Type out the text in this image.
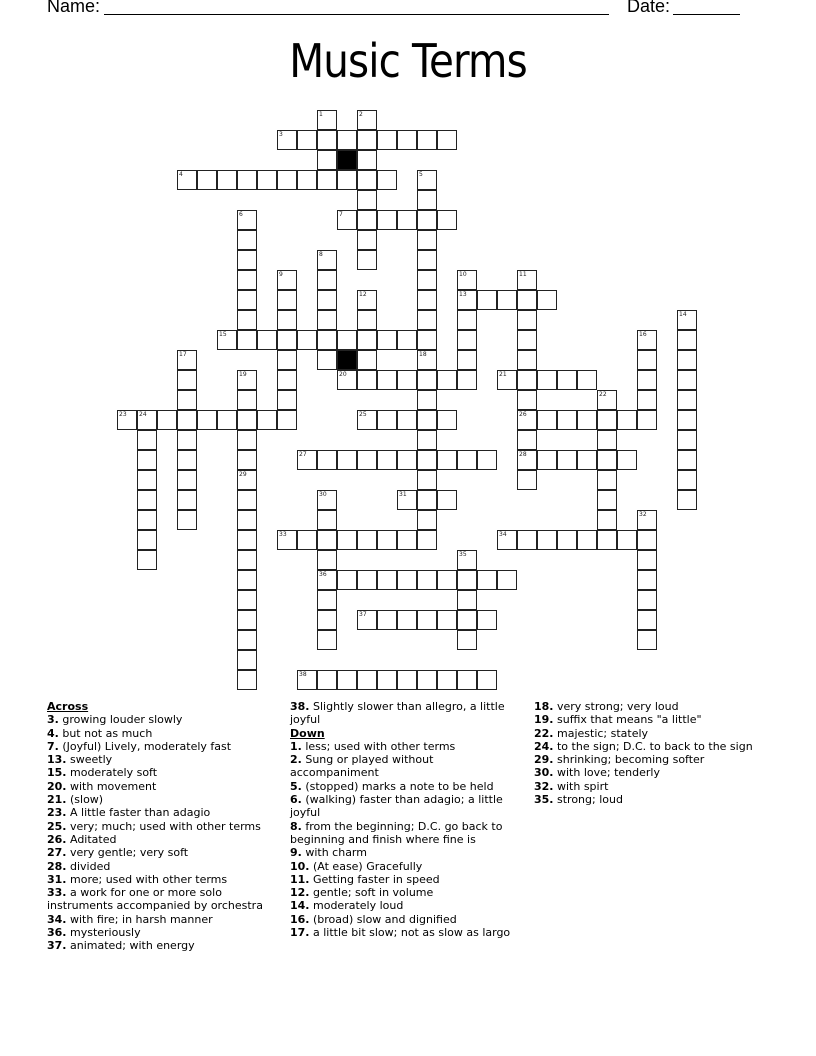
Name:	Date:
Music Terms
1	2
3
4	5
6	7
8
9	10
13
11
26
28
12
14
15	16
17	18
19	20	21
22
23 24	25
27
29
30
36
31
32
33	34
35
37
38
Across
3. growing louder slowly
4. but not as much
7. (Joyful) Lively, moderately fast
13. sweetly
15. moderately soft
20. with movement
21. (slow)
23. A little faster than adagio
25. very; much; used with other terms
26. Aditated
27. very gentle; very soft
28. divided
31. more; used with other terms
33. a work for one or more solo instruments accompanied by orchestra
34. with fire; in harsh manner
36. mysteriously
37. animated; with energy
38. Slightly slower than allegro, a little joyful
Down
1. less; used with other terms
2. Sung or played without accompaniment
5. (stopped) marks a note to be held
6. (walking) faster than adagio; a little joyful
8. from the beginning; D.C. go back to beginning and finish where fine is
9. with charm
10. (At ease) Gracefully
11. Getting faster in speed
12. gentle; soft in volume
14. moderately loud
16. (broad) slow and dignified
17. a little bit slow; not as slow as largo
18. very strong; very loud
19. suffix that means "a little"
22. majestic; stately
24. to the sign; D.C. to back to the sign
29. shrinking; becoming softer
30. with love; tenderly
32. with spirt
35. strong; loud
